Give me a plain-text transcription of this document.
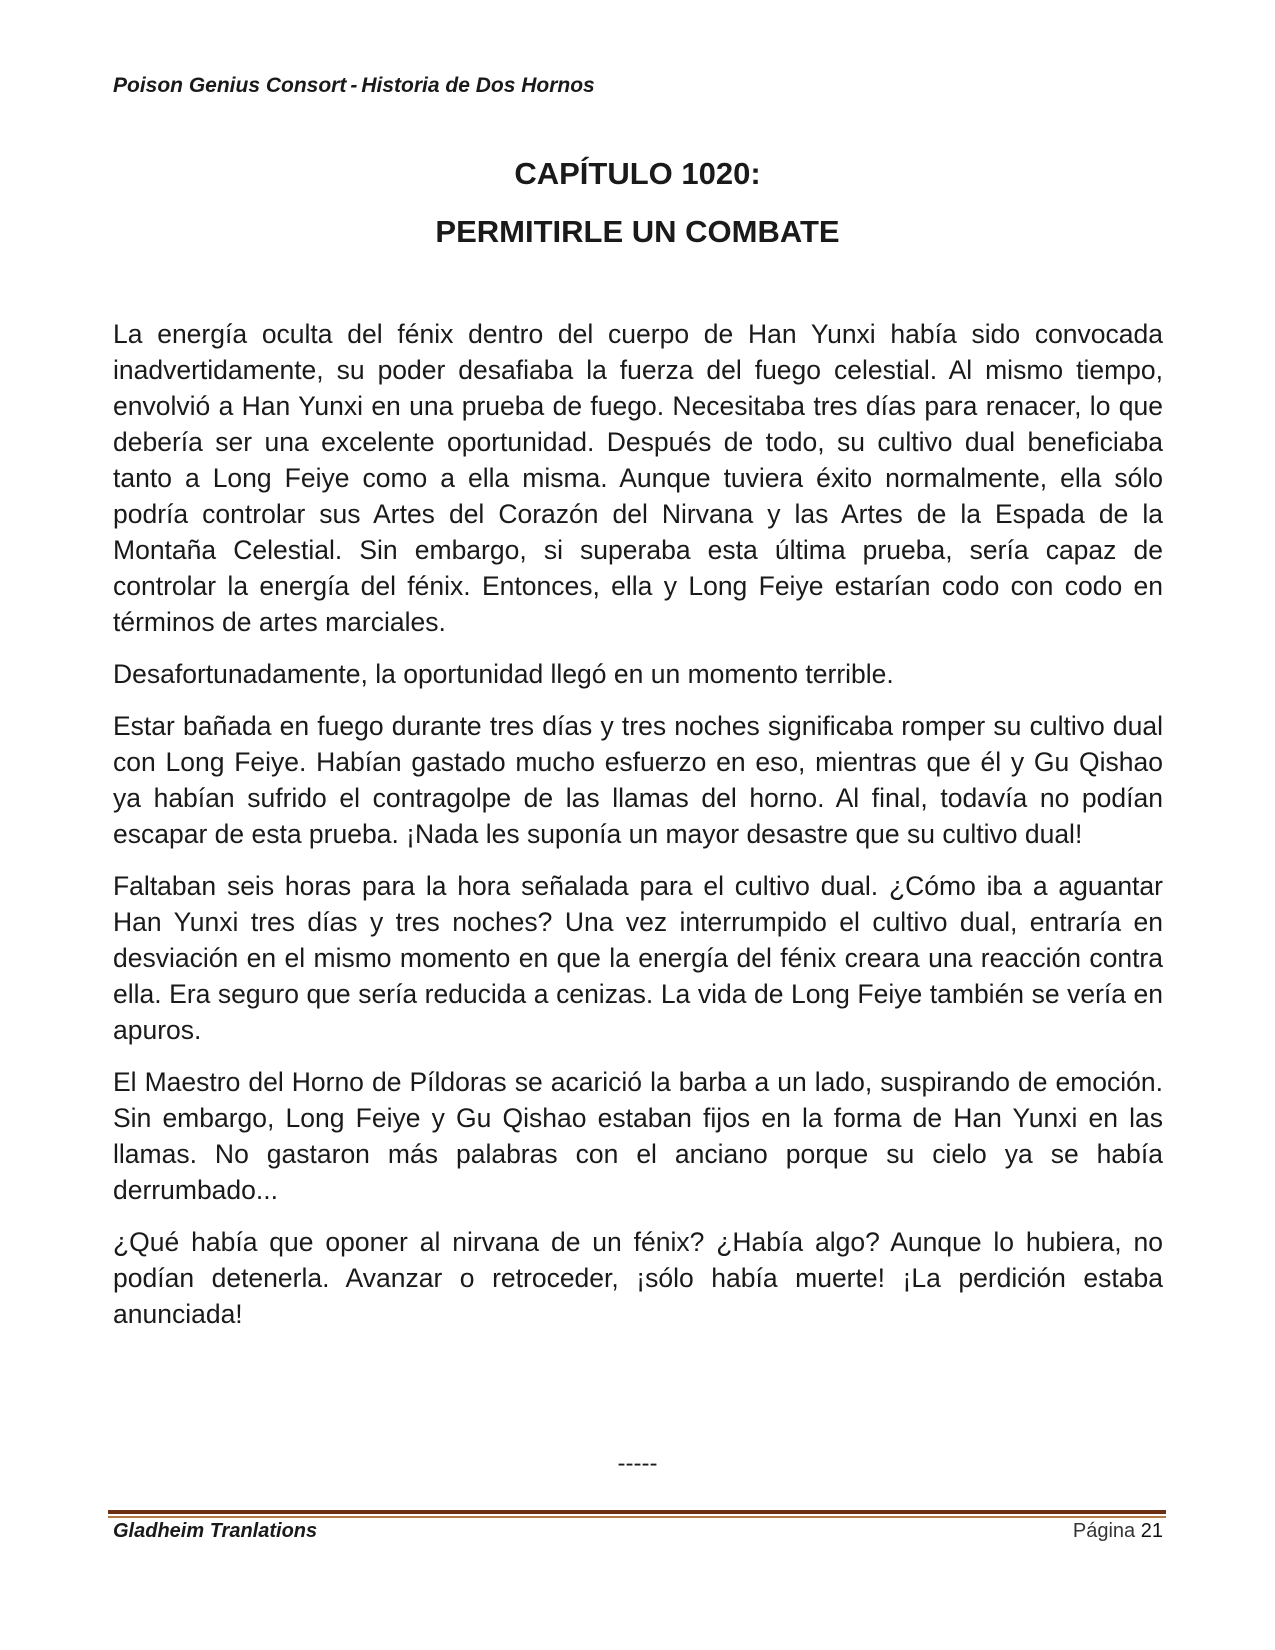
Poison Genius Consort - Historia de Dos Hornos
CAPÍTULO 1020:
PERMITIRLE UN COMBATE

La energía oculta del fénix dentro del cuerpo de Han Yunxi había sido convocada inadvertidamente, su poder desafiaba la fuerza del fuego celestial. Al mismo tiempo, envolvió a Han Yunxi en una prueba de fuego. Necesitaba tres días para renacer, lo que debería ser una excelente oportunidad. Después de todo, su cultivo dual beneficiaba tanto a Long Feiye como a ella misma. Aunque tuviera éxito normalmente, ella sólo podría controlar sus Artes del Corazón del Nirvana y las Artes de la Espada de la Montaña Celestial. Sin embargo, si superaba esta última prueba, sería capaz de controlar la energía del fénix. Entonces, ella y Long Feiye estarían codo con codo en términos de artes marciales.

Desafortunadamente, la oportunidad llegó en un momento terrible.

Estar bañada en fuego durante tres días y tres noches significaba romper su cultivo dual con Long Feiye. Habían gastado mucho esfuerzo en eso, mientras que él y Gu Qishao ya habían sufrido el contragolpe de las llamas del horno. Al final, todavía no podían escapar de esta prueba. ¡Nada les suponía un mayor desastre que su cultivo dual!

Faltaban seis horas para la hora señalada para el cultivo dual. ¿Cómo iba a aguantar Han Yunxi tres días y tres noches? Una vez interrumpido el cultivo dual, entraría en desviación en el mismo momento en que la energía del fénix creara una reacción contra ella. Era seguro que sería reducida a cenizas. La vida de Long Feiye también se vería en apuros.

El Maestro del Horno de Píldoras se acarició la barba a un lado, suspirando de emoción. Sin embargo, Long Feiye y Gu Qishao estaban fijos en la forma de Han Yunxi en las llamas. No gastaron más palabras con el anciano porque su cielo ya se había derrumbado...

¿Qué había que oponer al nirvana de un fénix? ¿Había algo? Aunque lo hubiera, no podían detenerla. Avanzar o retroceder, ¡sólo había muerte! ¡La perdición estaba anunciada!

-----
Gladheim Tranlations	Página 21
